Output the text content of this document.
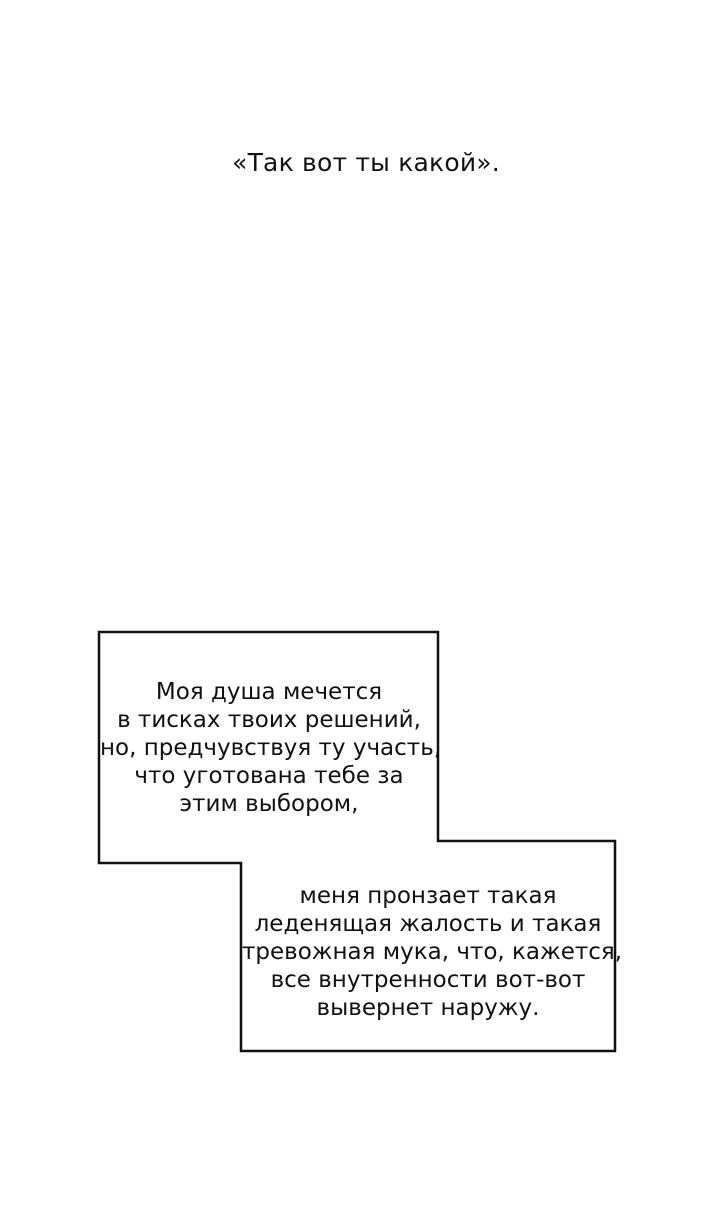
«Так вот ты какой».
Моя душа мечется
в тисках твоих решений,
но, предчувствуя ту участь,
что уготована тебе за
этим выбором,
меня пронзает такая
леденящая жалость и такая
тревожная мука, что, кажется,
все внутренности вот-вот
вывернет наружу.
